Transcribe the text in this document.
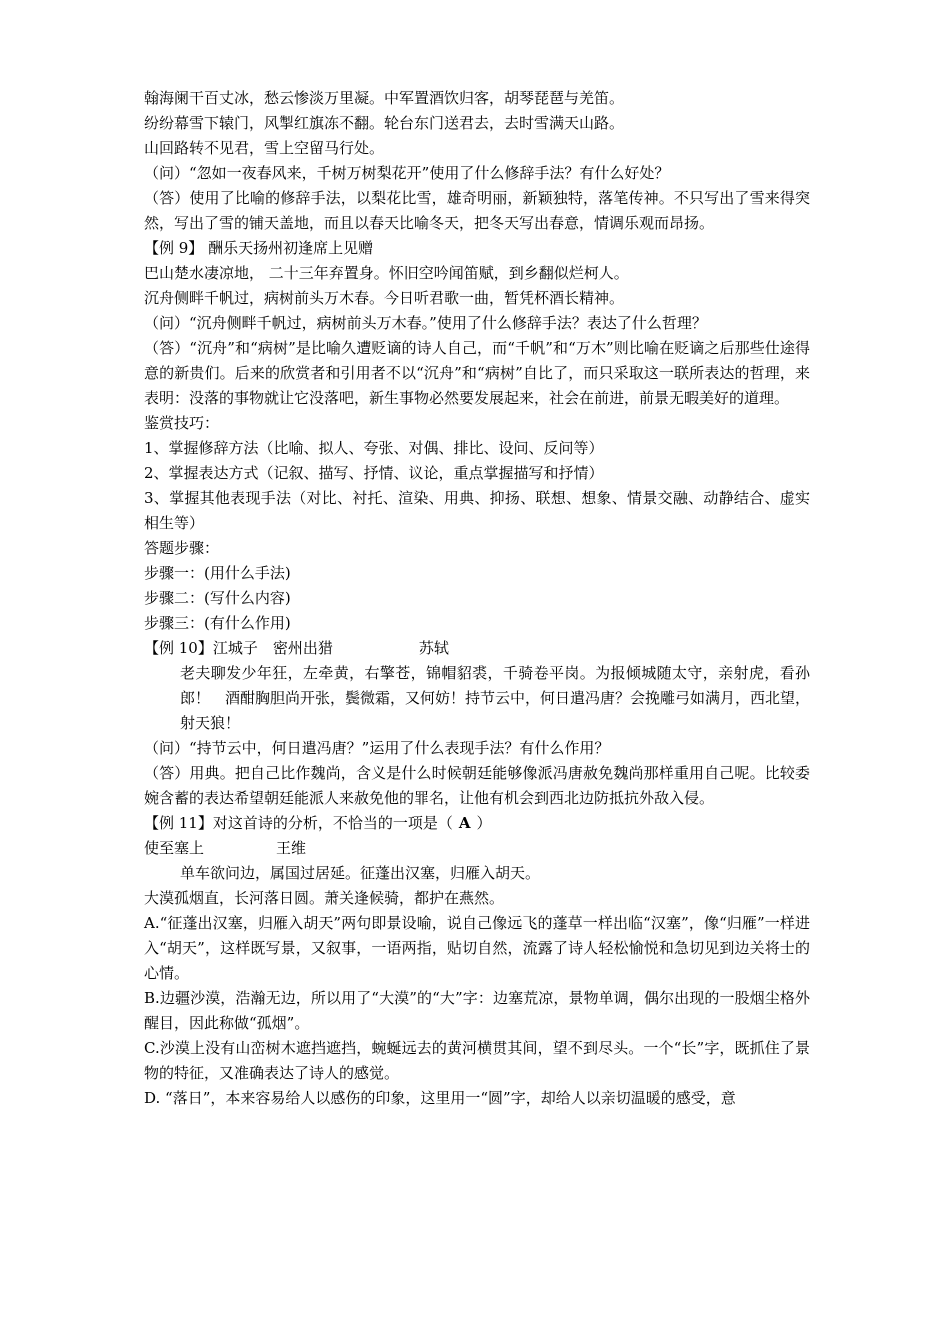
翰海阑干百丈冰，愁云惨淡万里凝。中军置酒饮归客，胡琴琵琶与羌笛。
纷纷幕雪下辕门，风掣红旗冻不翻。轮台东门送君去，去时雪满天山路。
山回路转不见君，雪上空留马行处。
（问）“忽如一夜春风来，千树万树梨花开”使用了什么修辞手法？有什么好处？
（答）使用了比喻的修辞手法，以梨花比雪，雄奇明丽，新颖独特，落笔传神。不只写出了雪来得突然，写出了雪的铺天盖地，而且以春天比喻冬天，把冬天写出春意，情调乐观而昂扬。
【例 9】 酬乐天扬州初逢席上见赠
巴山楚水凄凉地， 二十三年弃置身。怀旧空吟闻笛赋，到乡翻似烂柯人。
沉舟侧畔千帆过，病树前头万木春。今日听君歌一曲，暂凭杯酒长精神。
（问）“沉舟侧畔千帆过，病树前头万木春。”使用了什么修辞手法？表达了什么哲理？
（答）“沉舟”和“病树”是比喻久遭贬谪的诗人自己，而“千帆”和“万木”则比喻在贬谪之后那些仕途得意的新贵们。后来的欣赏者和引用者不以“沉舟”和“病树”自比了，而只采取这一联所表达的哲理，来表明：没落的事物就让它没落吧，新生事物必然要发展起来，社会在前进，前景无暇美好的道理。
鉴赏技巧：
1、掌握修辞方法（比喻、拟人、夸张、对偶、排比、设问、反问等）
2、掌握表达方式（记叙、描写、抒情、议论，重点掌握描写和抒情）
3、掌握其他表现手法（对比、衬托、渲染、用典、抑扬、联想、想象、情景交融、动静结合、虚实相生等）
答题步骤：
步骤一：(用什么手法)
步骤二：(写什么内容)
步骤三：(有什么作用)
【例 10】江城子　密州出猎	苏轼
老夫聊发少年狂，左牵黄，右擎苍，锦帽貂裘，千骑卷平岗。为报倾城随太守，亲射虎，看孙郎！　酒酣胸胆尚开张，鬓微霜，又何妨！持节云中，何日遣冯唐？会挽雕弓如满月，西北望，射天狼！
（问）“持节云中，何日遣冯唐？”运用了什么表现手法？有什么作用？
（答）用典。把自己比作魏尚，含义是什么时候朝廷能够像派冯唐赦免魏尚那样重用自己呢。比较委婉含蓄的表达希望朝廷能派人来赦免他的罪名，让他有机会到西北边防抵抗外敌入侵。
【例 11】对这首诗的分析，不恰当的一项是（ A ）
使至塞上	王维
单车欲问边，属国过居延。征蓬出汉塞，归雁入胡天。
大漠孤烟直，长河落日圆。萧关逢候骑，都护在燕然。
A.“征蓬出汉塞，归雁入胡天”两句即景设喻，说自己像远飞的蓬草一样出临“汉塞”，像“归雁”一样进入“胡天”，这样既写景，又叙事，一语两指，贴切自然，流露了诗人轻松愉悦和急切见到边关将士的心情。
B.边疆沙漠，浩瀚无边，所以用了“大漠”的“大”字：边塞荒凉，景物单调，偶尔出现的一股烟尘格外醒目，因此称做“孤烟”。
C.沙漠上没有山峦树木遮挡遮挡，蜿蜒远去的黄河横贯其间，望不到尽头。一个“长”字，既抓住了景物的特征，又准确表达了诗人的感觉。
D. “落日”，本来容易给人以感伤的印象，这里用一“圆”字，却给人以亲切温暖的感受，意
